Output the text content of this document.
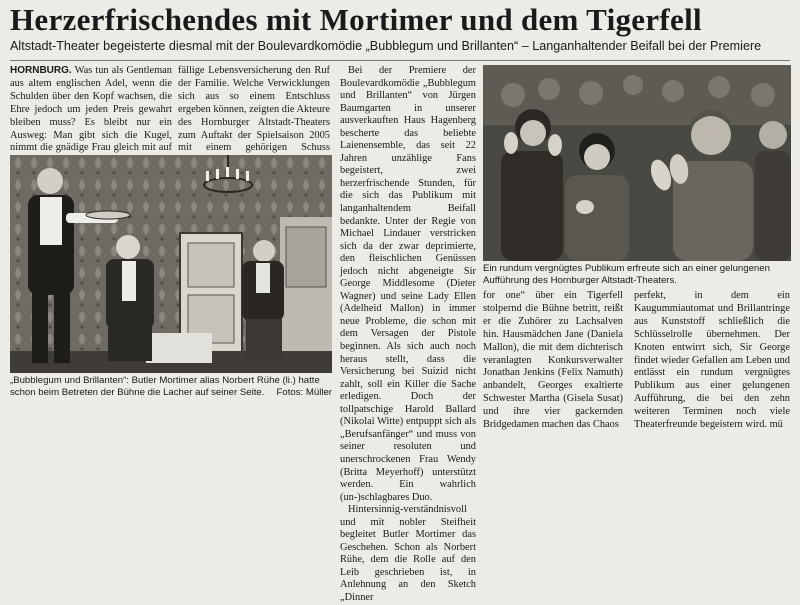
Herzerfrischendes mit Mortimer und dem Tigerfell
Altstadt-Theater begeisterte diesmal mit der Boulevardkomödie „Bubblegum und Brillanten“ – Langanhaltender Beifall bei der Premiere

HORNBURG. Was tun als Gentleman aus altem englischen Adel, wenn die Schulden über den Kopf wachsen, die Ehre jedoch um jeden Preis gewahrt bleiben muss? Es bleibt nur ein Ausweg: Man gibt sich die Kugel, nimmt die gnädige Frau gleich mit auf

fällige Lebensversicherung den Ruf der Familie. Welche Verwicklungen sich aus so einem Entschluss ergeben können, zeigten die Akteure des Hornburger Altstadt-Theaters zum Auftakt der Spielsaison 2005 mit einem gehörigen Schuss

„Bubblegum und Brillanten“: Butler Mortimer alias Norbert Rühe (li.) hatte schon beim Betreten der Bühne die Lacher auf seiner Seite. Fotos: Müller

Bei der Premiere der Boulevardkomödie „Bubblegum und Brillanten“ von Jürgen Baumgarten in unserer ausverkauften Haus Hagenberg bescherte das beliebte Laienensemble, das seit 22 Jahren unzählige Fans begeistert, zwei herzerfrischende Stunden, für die sich das Publikum mit langanhaltendem Beifall bedankte. Unter der Regie von Michael Lindauer verstricken sich da der zwar deprimierte, den fleischlichen Genüssen jedoch nicht abgeneigte Sir George Middlesome (Dieter Wagner) und seine Lady Ellen (Adelheid Mallon) in immer neue Probleme, die schon mit dem Versagen der Pistole beginnen. Als sich auch noch heraus stellt, dass die Versicherung bei Suizid nicht zahlt, soll ein Killer die Sache erledigen. Doch der tollpatschige Harold Ballard (Nikolai Witte) entpuppt sich als „Berufsanfänger“ und muss von seiner resoluten und unerschrockenen Frau Wendy (Britta Meyerhoff) unterstützt werden. Ein wahrlich (un-)schlagbares Duo.

Hintersinnig-verständnisvoll und mit nobler Steifheit begleitet Butler Mortimer das Geschehen. Schon als Norbert Rühe, dem die Rolle auf den Leib geschrieben ist, in Anlehnung an den Sketch „Dinner

Ein rundum vergnügtes Publikum erfreute sich an einer gelungenen Aufführung des Hornburger Altstadt-Theaters.

for one“ über ein Tigerfell stolpernd die Bühne betritt, reißt er die Zuhörer zu Lachsalven hin. Hausmädchen Jane (Daniela Mallon), die mit dem dichterisch veranlagten Konkursverwalter Jonathan Jenkins (Felix Namuth) anbandelt, Georges exaltierte Schwester Martha (Gisela Susat) und ihre vier gackernden Bridgedamen machen das Chaos

perfekt, in dem ein Kaugummiautomat und Brillantringe aus Kunststoff schließlich die Schlüsselrolle übernehmen. Der Knoten entwirrt sich, Sir George findet wieder Gefallen am Leben und entlässt ein rundum vergnügtes Publikum aus einer gelungenen Aufführung, die bei den zehn weiteren Terminen noch viele Theaterfreunde begeistern wird. mü
